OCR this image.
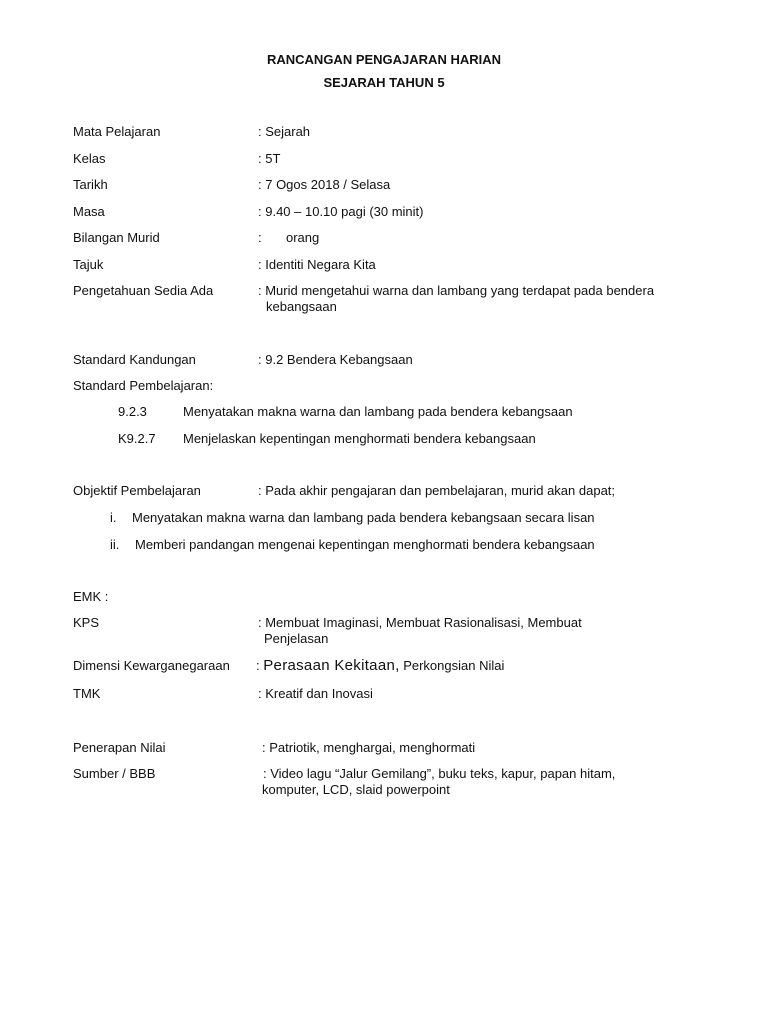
RANCANGAN PENGAJARAN HARIAN
SEJARAH TAHUN 5
Mata Pelajaran	: Sejarah
Kelas	: 5T
Tarikh	: 7 Ogos 2018 / Selasa
Masa	: 9.40 – 10.10 pagi (30 minit)
Bilangan Murid	: orang
Tajuk	: Identiti Negara Kita
Pengetahuan Sedia Ada	: Murid mengetahui warna dan lambang yang terdapat pada bendera
kebangsaan
Standard Kandungan	: 9.2 Bendera Kebangsaan
Standard Pembelajaran:
9.2.3	Menyatakan makna warna dan lambang pada bendera kebangsaan
K9.2.7 Menjelaskan kepentingan menghormati bendera kebangsaan
Objektif Pembelajaran	: Pada akhir pengajaran dan pembelajaran, murid akan dapat;
i. Menyatakan makna warna dan lambang pada bendera kebangsaan secara lisan
ii. Memberi pandangan mengenai kepentingan menghormati bendera kebangsaan
EMK :
KPS	: Membuat Imaginasi, Membuat Rasionalisasi, Membuat
Penjelasan
Dimensi Kewarganegaraan : Perasaan Kekitaan, Perkongsian Nilai
TMK	: Kreatif dan Inovasi
Penerapan Nilai	: Patriotik, menghargai, menghormati
Sumber / BBB	: Video lagu “Jalur Gemilang”, buku teks, kapur, papan hitam,
komputer, LCD, slaid powerpoint
